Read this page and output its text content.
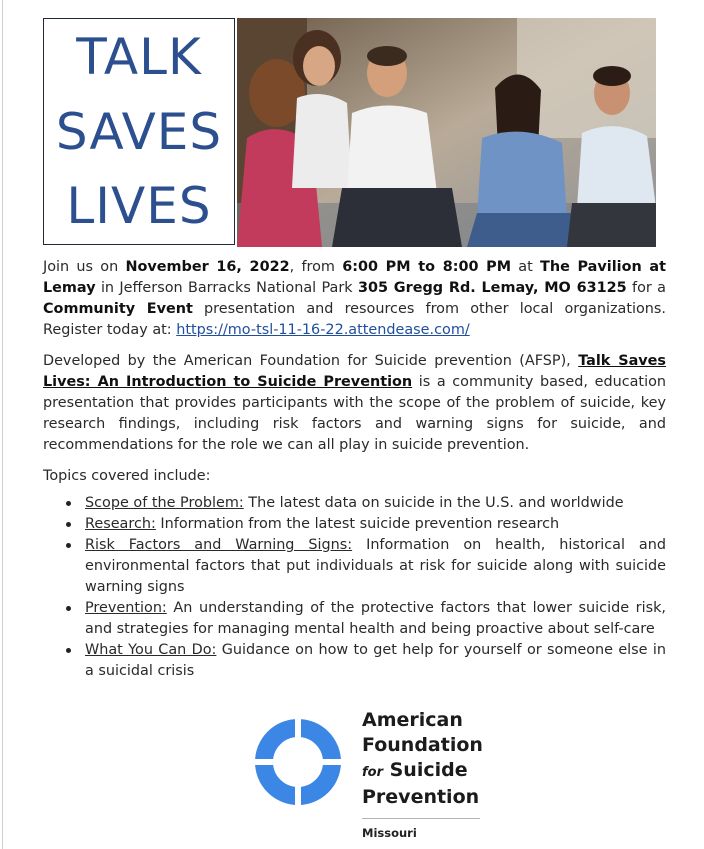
TALK
SAVES
LIVES

Join us on November 16, 2022, from 6:00 PM to 8:00 PM at The Pavilion at Lemay in Jefferson Barracks National Park 305 Gregg Rd. Lemay, MO 63125 for a Community Event presentation and resources from other local organizations. Register today at: https://mo-tsl-11-16-22.attendease.com/

Developed by the American Foundation for Suicide prevention (AFSP), Talk Saves Lives: An Introduction to Suicide Prevention is a community based, education presentation that provides participants with the scope of the problem of suicide, key research findings, including risk factors and warning signs for suicide, and recommendations for the role we can all play in suicide prevention.

Topics covered include:

Scope of the Problem: The latest data on suicide in the U.S. and worldwide
Research: Information from the latest suicide prevention research
Risk Factors and Warning Signs: Information on health, historical and environmental factors that put individuals at risk for suicide along with suicide warning signs
Prevention: An understanding of the protective factors that lower suicide risk, and strategies for managing mental health and being proactive about self-care
What You Can Do: Guidance on how to get help for yourself or someone else in a suicidal crisis
American
Foundation
for Suicide
Prevention
Missouri
